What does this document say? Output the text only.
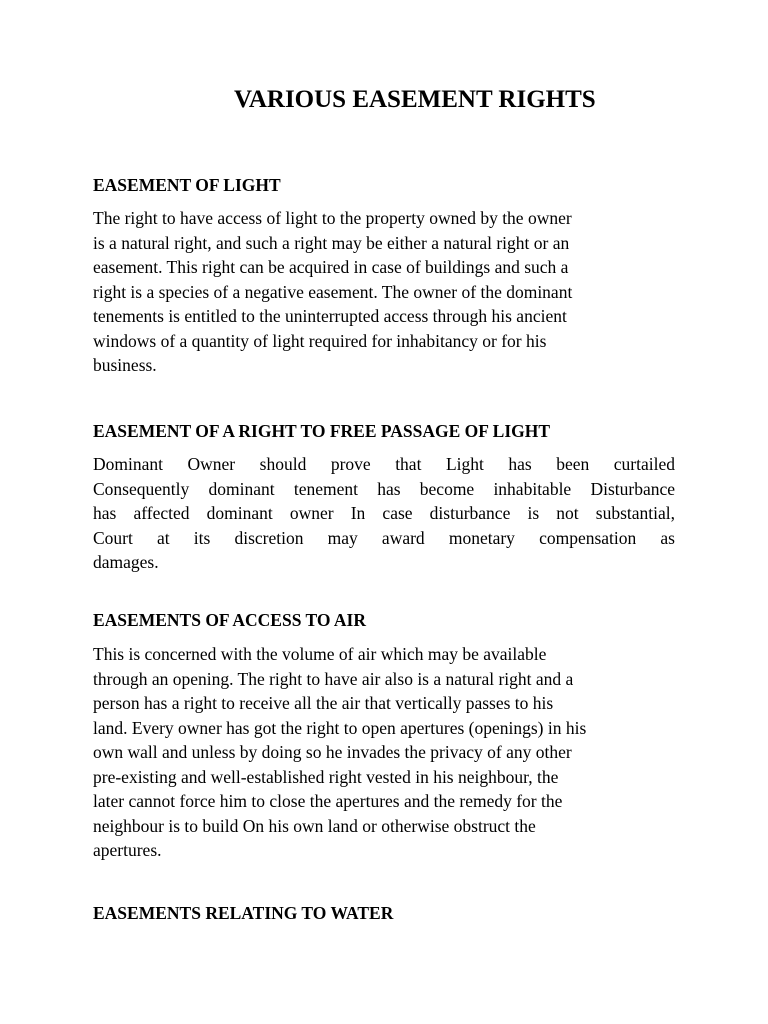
VARIOUS EASEMENT RIGHTS
EASEMENT OF LIGHT
The right to have access of light to the property owned by the owner
is a natural right, and such a right may be either a natural right or an
easement. This right can be acquired in case of buildings and such a
right is a species of a negative easement. The owner of the dominant
tenements is entitled to the uninterrupted access through his ancient
windows of a quantity of light required for inhabitancy or for his
business.
EASEMENT OF A RIGHT TO FREE PASSAGE OF LIGHT
Dominant Owner should prove that Light has been curtailed
Consequently dominant tenement has become inhabitable Disturbance
has affected dominant owner In case disturbance is not substantial,
Court at its discretion may award monetary compensation as
damages.
EASEMENTS OF ACCESS TO AIR
This is concerned with the volume of air which may be available
through an opening. The right to have air also is a natural right and a
person has a right to receive all the air that vertically passes to his
land. Every owner has got the right to open apertures (openings) in his
own wall and unless by doing so he invades the privacy of any other
pre-existing and well-established right vested in his neighbour, the
later cannot force him to close the apertures and the remedy for the
neighbour is to build On his own land or otherwise obstruct the
apertures.
EASEMENTS RELATING TO WATER
